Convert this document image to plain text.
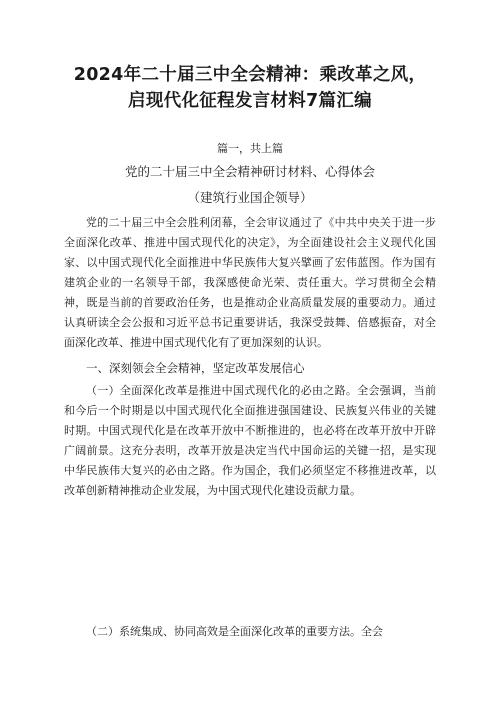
2024年二十届三中全会精神：乘改革之风，
启现代化征程发言材料7篇汇编
篇一，共上篇
党的二十届三中全会精神研讨材料、心得体会
（建筑行业国企领导）

党的二十届三中全会胜利闭幕，全会审议通过了《中共中央关于进一步全面深化改革、推进中国式现代化的决定》，为全面建设社会主义现代化国家、以中国式现代化全面推进中华民族伟大复兴擘画了宏伟蓝图。作为国有建筑企业的一名领导干部，我深感使命光荣、责任重大。学习贯彻全会精神，既是当前的首要政治任务，也是推动企业高质量发展的重要动力。通过认真研读全会公报和习近平总书记重要讲话，我深受鼓舞、倍感振奋，对全面深化改革、推进中国式现代化有了更加深刻的认识。

一、深刻领会全会精神，坚定改革发展信心

（一）全面深化改革是推进中国式现代化的必由之路。全会强调，当前和今后一个时期是以中国式现代化全面推进强国建设、民族复兴伟业的关键时期。中国式现代化是在改革开放中不断推进的，也必将在改革开放中开辟广阔前景。这充分表明，改革开放是决定当代中国命运的关键一招，是实现中华民族伟大复兴的必由之路。作为国企，我们必须坚定不移推进改革，以改革创新精神推动企业发展，为中国式现代化建设贡献力量。

（二）系统集成、协同高效是全面深化改革的重要方法。全会
